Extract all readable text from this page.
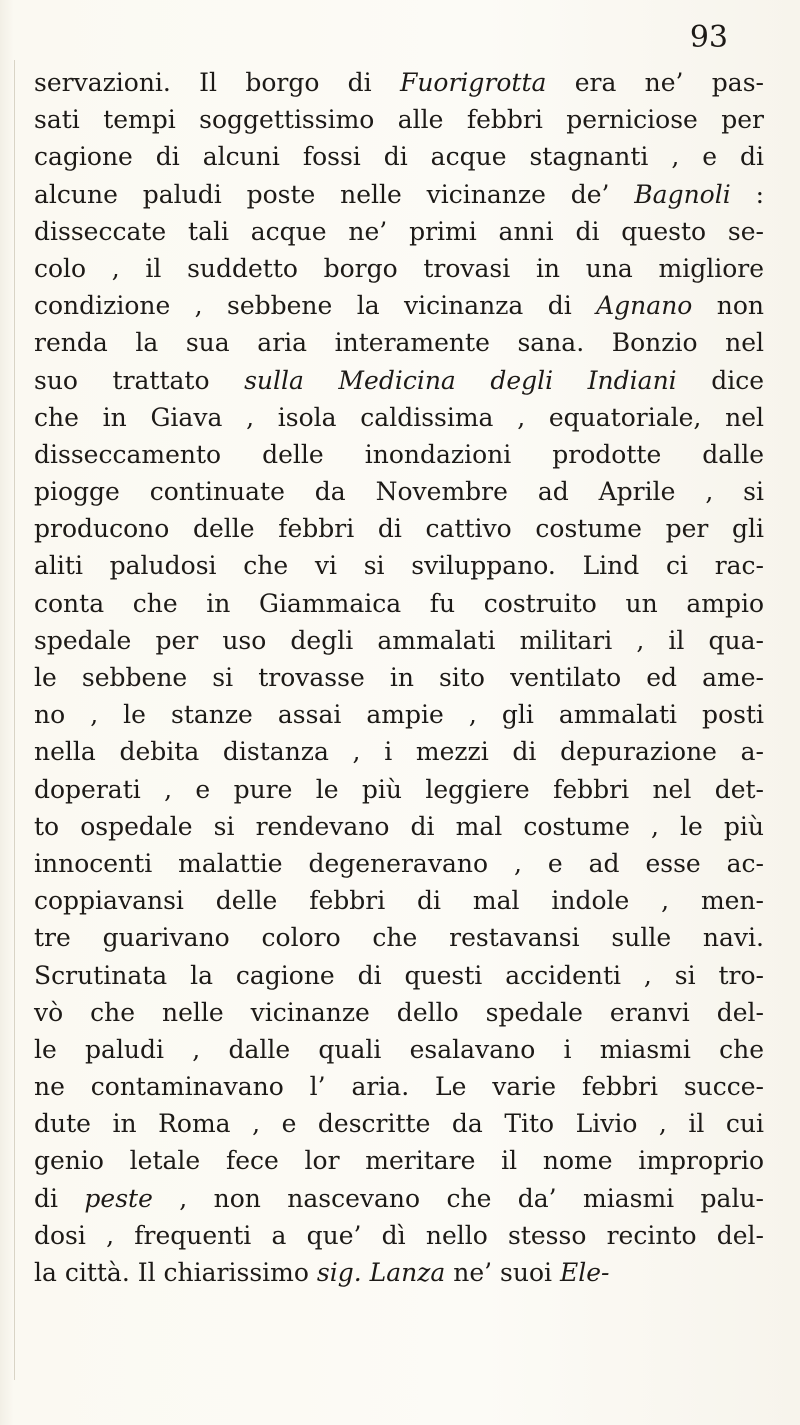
93
servazioni. Il borgo di Fuorigrotta era ne’ pas-
sati tempi soggettissimo alle febbri perniciose per
cagione di alcuni fossi di acque stagnanti , e di
alcune paludi poste nelle vicinanze de’ Bagnoli :
disseccate tali acque ne’ primi anni di questo se-
colo , il suddetto borgo trovasi in una migliore
condizione , sebbene la vicinanza di Agnano non
renda la sua aria interamente sana. Bonzio nel
suo trattato sulla Medicina degli Indiani dice
che in Giava , isola caldissima , equatoriale, nel
disseccamento delle inondazioni prodotte dalle
piogge continuate da Novembre ad Aprile , si
producono delle febbri di cattivo costume per gli
aliti paludosi che vi si sviluppano. Lind ci rac-
conta che in Giammaica fu costruito un ampio
spedale per uso degli ammalati militari , il qua-
le sebbene si trovasse in sito ventilato ed ame-
no , le stanze assai ampie , gli ammalati posti
nella debita distanza , i mezzi di depurazione a-
doperati , e pure le più leggiere febbri nel det-
to ospedale si rendevano di mal costume , le più
innocenti malattie degeneravano , e ad esse ac-
coppiavansi delle febbri di mal indole , men-
tre guarivano coloro che restavansi sulle navi.
Scrutinata la cagione di questi accidenti , si tro-
vò che nelle vicinanze dello spedale eranvi del-
le paludi , dalle quali esalavano i miasmi che
ne contaminavano l’ aria. Le varie febbri succe-
dute in Roma , e descritte da Tito Livio , il cui
genio letale fece lor meritare il nome improprio
di peste , non nascevano che da’ miasmi palu-
dosi , frequenti a que’ dì nello stesso recinto del-
la città. Il chiarissimo sig. Lanza ne’ suoi Ele-
